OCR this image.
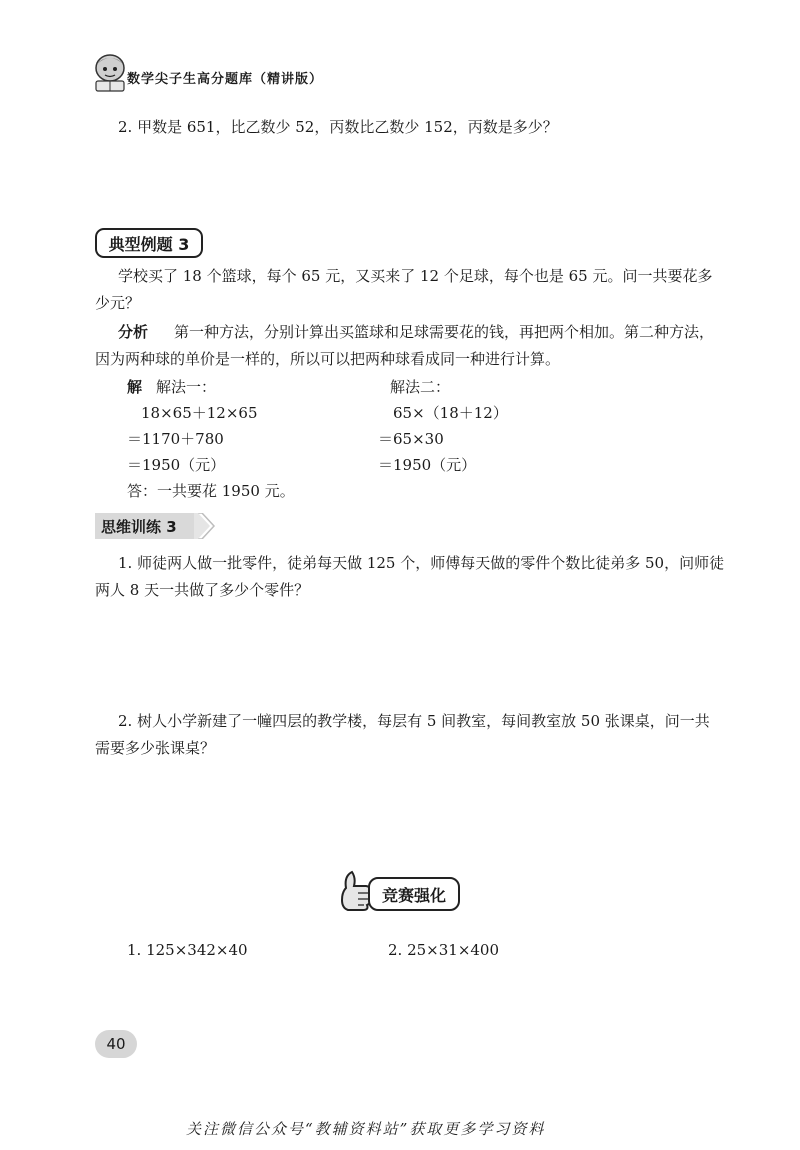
数学尖子生高分题库（精讲版）
2. 甲数是 651，比乙数少 52，丙数比乙数少 152，丙数是多少？
典型例题 3
学校买了 18 个篮球，每个 65 元，又买来了 12 个足球，每个也是 65 元。问一共要花多
少元？
分析 第一种方法，分别计算出买篮球和足球需要花的钱，再把两个相加。第二种方法，
因为两种球的单价是一样的，所以可以把两种球看成同一种进行计算。
解 解法一：
18×65＋12×65
＝1170＋780
＝1950（元）
解法二：
65×（18＋12）
＝65×30
＝1950（元）
答：一共要花 1950 元。
思维训练 3
1. 师徒两人做一批零件，徒弟每天做 125 个，师傅每天做的零件个数比徒弟多 50，问师徒
两人 8 天一共做了多少个零件？
2. 树人小学新建了一幢四层的教学楼，每层有 5 间教室，每间教室放 50 张课桌，问一共
需要多少张课桌？
竞赛强化
1. 125×342×40	2. 25×31×400
40
关注微信公众号“教辅资料站”获取更多学习资料
